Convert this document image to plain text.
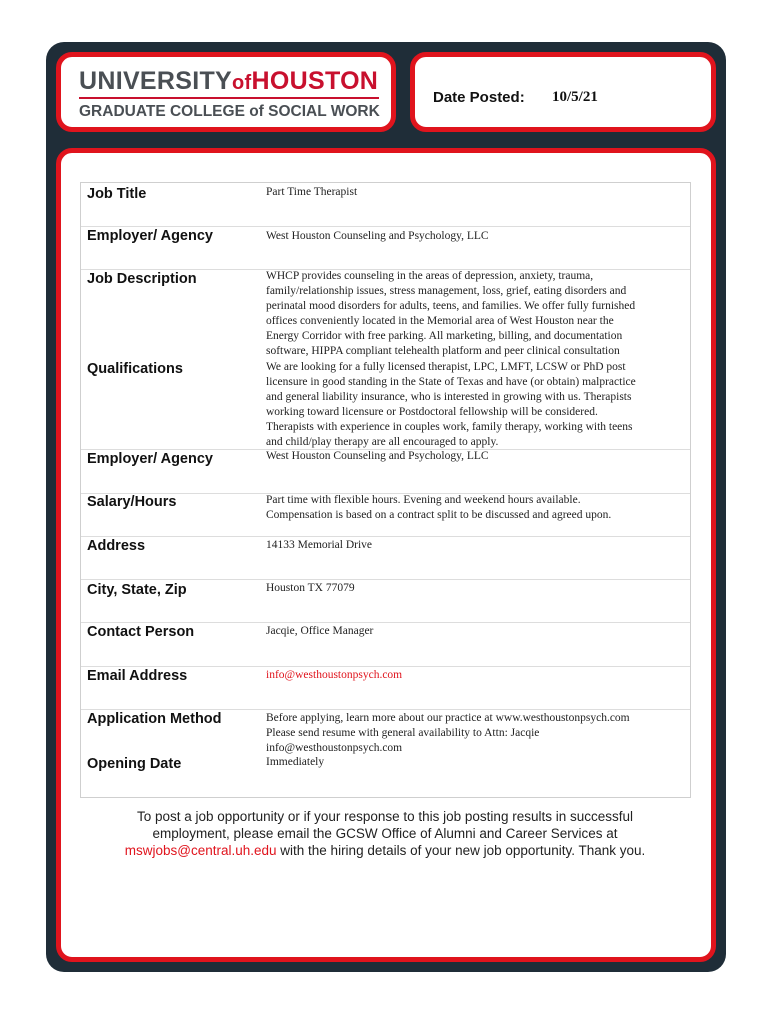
UNIVERSITYofHOUSTON
GRADUATE COLLEGE of SOCIAL WORK
Date Posted: 10/5/21
Job Title	Part Time Therapist
Employer/ Agency	West Houston Counseling and Psychology, LLC
Job Description	WHCP provides counseling in the areas of depression, anxiety, trauma,
family/relationship issues, stress management, loss, grief, eating disorders and
perinatal mood disorders for adults, teens, and families. We offer fully furnished
offices conveniently located in the Memorial area of West Houston near the
Energy Corridor with free parking. All marketing, billing, and documentation
software, HIPPA compliant telehealth platform and peer clinical consultation
Qualifications	We are looking for a fully licensed therapist, LPC, LMFT, LCSW or PhD post
licensure in good standing in the State of Texas and have (or obtain) malpractice
and general liability insurance, who is interested in growing with us. Therapists
working toward licensure or Postdoctoral fellowship will be considered.
Therapists with experience in couples work, family therapy, working with teens
and child/play therapy are all encouraged to apply.
Employer/ Agency	West Houston Counseling and Psychology, LLC
Salary/Hours	Part time with flexible hours. Evening and weekend hours available.
Compensation is based on a contract split to be discussed and agreed upon.
Address	14133 Memorial Drive
City, State, Zip	Houston TX 77079
Contact Person	Jacqie, Office Manager
Email Address	info@westhoustonpsych.com
Application Method	Before applying, learn more about our practice at www.westhoustonpsych.com
Please send resume with general availability to Attn: Jacqie
info@westhoustonpsych.com
Opening Date	Immediately
To post a job opportunity or if your response to this job posting results in successful employment, please email the GCSW Office of Alumni and Career Services at mswjobs@central.uh.edu with the hiring details of your new job opportunity. Thank you.
